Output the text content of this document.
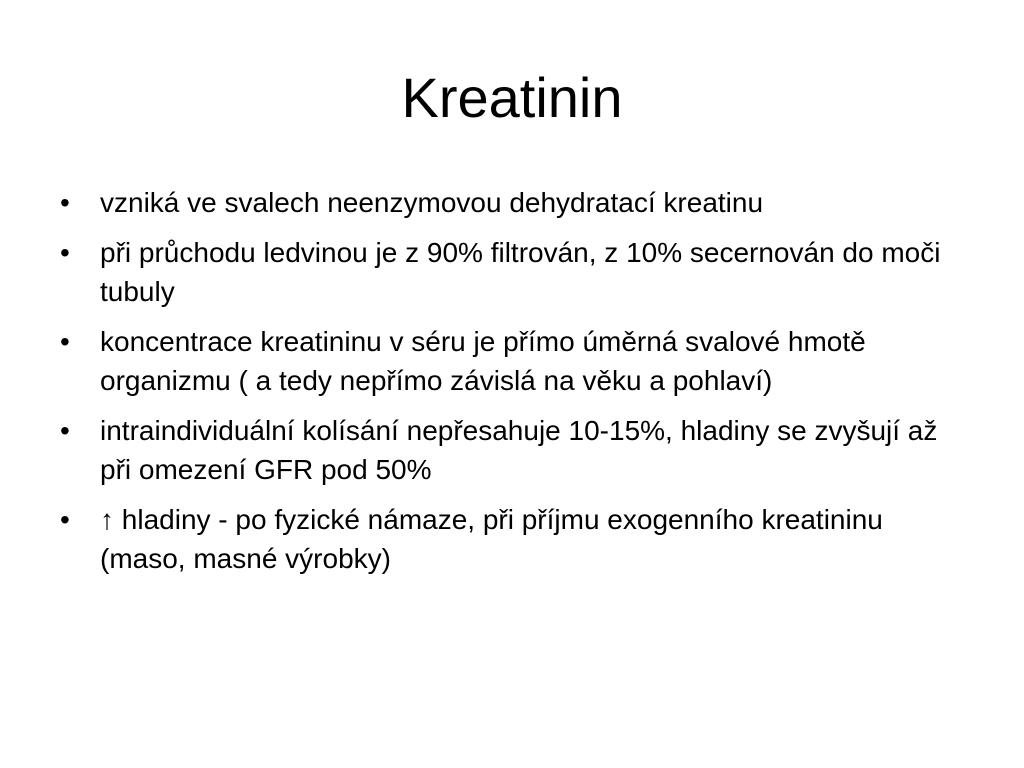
Kreatinin
•	vzniká ve svalech neenzymovou dehydratací kreatinu
•	při průchodu ledvinou je z 90% filtrován, z 10% secernován do moči tubuly
•	koncentrace kreatininu v séru je přímo úměrná svalové hmotě organizmu ( a tedy nepřímo závislá na věku a pohlaví)
•	intraindividuální kolísání nepřesahuje 10-15%, hladiny se zvyšují až při omezení GFR pod 50%
•	↑ hladiny - po fyzické námaze, při příjmu exogenního kreatininu (maso, masné výrobky)
